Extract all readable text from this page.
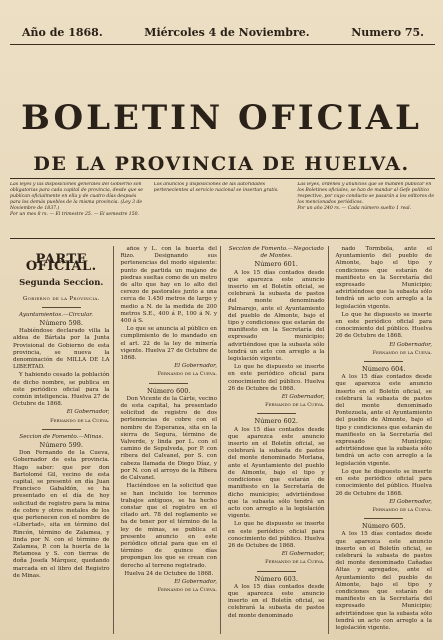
Año de 1868.	Miércoles 4 de Noviembre.	Numero 75.
BOLETIN OFICIAL
DE LA PROVINCIA DE HUELVA.
Las leyes y las disposiciones generales del Gobierno son obligatorias para cada capital de provincia, desde que se publican oficialmente en ella y de cuatro días después para los demás pueblos de la misma provincia. (Ley 3 de Noviembre de 1837.)
Por un mes 8 rs. — El trimestre 25. — El semestre 150.
Los anuncios y disposiciones de las autoridades pertenecientes al servicio nacional se insertan gratis.
Las leyes, órdenes y anuncios que se manden publicar en los Boletines oficiales, se han de mandar al Gefe político respectivo, por cuyo conducto se pasarán a los editores de los mencionados periódicos.
Por un año 240 rs. — Cada número suelto 1 real.
PARTE OFICIAL.
Segunda Seccion.

Gobierno de la Provincia.

Ayuntamientos.—Circular.

Número 598.

Habiéndose declarado villa la aldea de Bártala por la Junta Provisional de Gobierno de esta provincia, se nueva la denominación de MILLA DE LA LIBERTAD.

Y habiendo cesado la población de dicho nombre, se publica en este periódico oficial para la común inteligencia. Huelva 27 de Octubre de 1868.

El Gobernador,

Fernando de la Cueva.

Seccion de Fomento.—Minas.

Número 599.

Don Fernando de la Cueva, Gobernador de esta provincia. Hago saber: que por don Bartolomé Gil, vecino de esta capital, se presentó en día Juan Francisco Gabaldón, se ha presentado en el día de hoy solicitud de registro para la mina de cobre y otros metales de los que pertenecen con el nombre de «Libertad», sita en término del Rincón, término de Zalamea, y linda por N. con el término de Zalamea, P. con la huerta de la Retamosa y S. con tierras de doña Josefa Márquez, quedando marcada en el libro del Registro de Minas.

años y L. con la huerta del Rizo. Designando sus pertenencias del modo siguiente: punto de partida un majano de piedras sueltas como de un metro de alto que hay en lo alto del cerezo de pastorales junto a una cerca de 1.450 metros de largo y medio a N. de la medida de 200 metros S.E., 400 á P., 100 á N. y 400 á S.

Lo que se anuncia al público en cumplimiento de lo mandado en el art. 22 de la ley de minería vigente. Huelva 27 de Octubre de 1868.

El Gobernador,

Fernando de la Cueva.

Número 600.

Don Vicente de la Cárte, vecino de esta capital, ha presentado solicitud de registro de dos pertenencias de cobre con el nombre de Esperanza, sita en la sierra de Segura, término de Valverde, y linda por L. con el camino de Sepulveda, por P. con ribera del Calvanel, por S. con cabeza llamada de Diego Díaz, y por N. con el arroyo de la Ribera de Calvanel.

Haciéndose en la solicitud que se han incluido los terrenos trabajos antiguos, se ha hecho constar que el registro en el citado art. 78 del reglamento se ha de tener por el término de la ley de minas, se publica el presente anuncio en este periódico oficial para que en el término de quince días propongan los que se crean con derecho al terreno registrado.

Huelva 24 de Octubre de 1868.

El Gobernador,

Fernando de la Cueva.

Seccion de Fomento.—Negociado de Montes.

Número 601.

A los 15 días contados desde que aparezca este anuncio inserto en el Boletín oficial, se celebrará la subasta de pastos del monte denominado Palmarejo, ante el Ayuntamiento del pueblo de Almonte, bajo el tipo y condiciones que estarán de manifiesto en la Secretaría del expresado municipio; advirtiéndose que la subasta sólo tendrá un acto con arreglo a la legislación vigente.

Lo que he dispuesto se inserte en este periódico oficial para conocimiento del público. Huelva 26 de Octubre de 1868.

El Gobernador,

Fernando de la Cueva.

Número 602.

A los 15 días contados desde que aparezca este anuncio inserto en el Boletín oficial, se celebrará la subasta de pastos del monte denominado Morlana, ante el Ayuntamiento del pueblo de Almonte, bajo el tipo y condiciones que estarán de manifiesto en la Secretaría de dicho municipio; advirtiéndose que la subasta sólo tendrá un acto con arreglo a la legislación vigente.

Lo que he dispuesto se inserte en este periódico oficial para conocimiento del público. Huelva 26 de Octubre de 1868.

El Gobernador,

Fernando de la Cueva.

Número 603.

A los 15 días contados desde que aparezca este anuncio inserto en el Boletín oficial, se celebrará la subasta de pastos del monte denominado

nado Tormbola, ante el Ayuntamiento del pueblo de Almonte, bajo el tipo y condiciones que estarán de manifiesto en la Secretaría del expresado Municipio; advirtiéndose que la subasta sólo tendrá un acto con arreglo a la legislación vigente.

Lo que he dispuesto se inserte en este periódico oficial para conocimiento del público. Huelva 26 de Octubre de 1868.

El Gobernador,

Fernando de la Cueva.

Número 604.

A los 15 días contados desde que aparezca este anuncio inserto en el Boletín oficial, se celebrará la subasta de pastos del monte denominado Pontezuela, ante el Ayuntamiento del pueblo de Almonte, bajo el tipo y condiciones que estarán de manifiesto en la Secretaría del expresado Municipio; advirtiéndose que la subasta sólo tendrá un acto con arreglo a la legislación vigente.

Lo que he dispuesto se inserte en este periódico oficial para conocimiento del público. Huelva 26 de Octubre de 1868.

El Gobernador,

Fernando de la Cueva.

Número 605.

A los 15 días contados desde que aparezca este anuncio inserto en el Boletín oficial, se celebrará la subasta de pastos del monte denominado Cañadas Altas y agregados, ante el Ayuntamiento del pueblo de Almonte, bajo el tipo y condiciones que estarán de manifiesto en la Secretaría del expresado Municipio; advirtiéndose que la subasta sólo tendrá un acto con arreglo a la legislación vigente.
